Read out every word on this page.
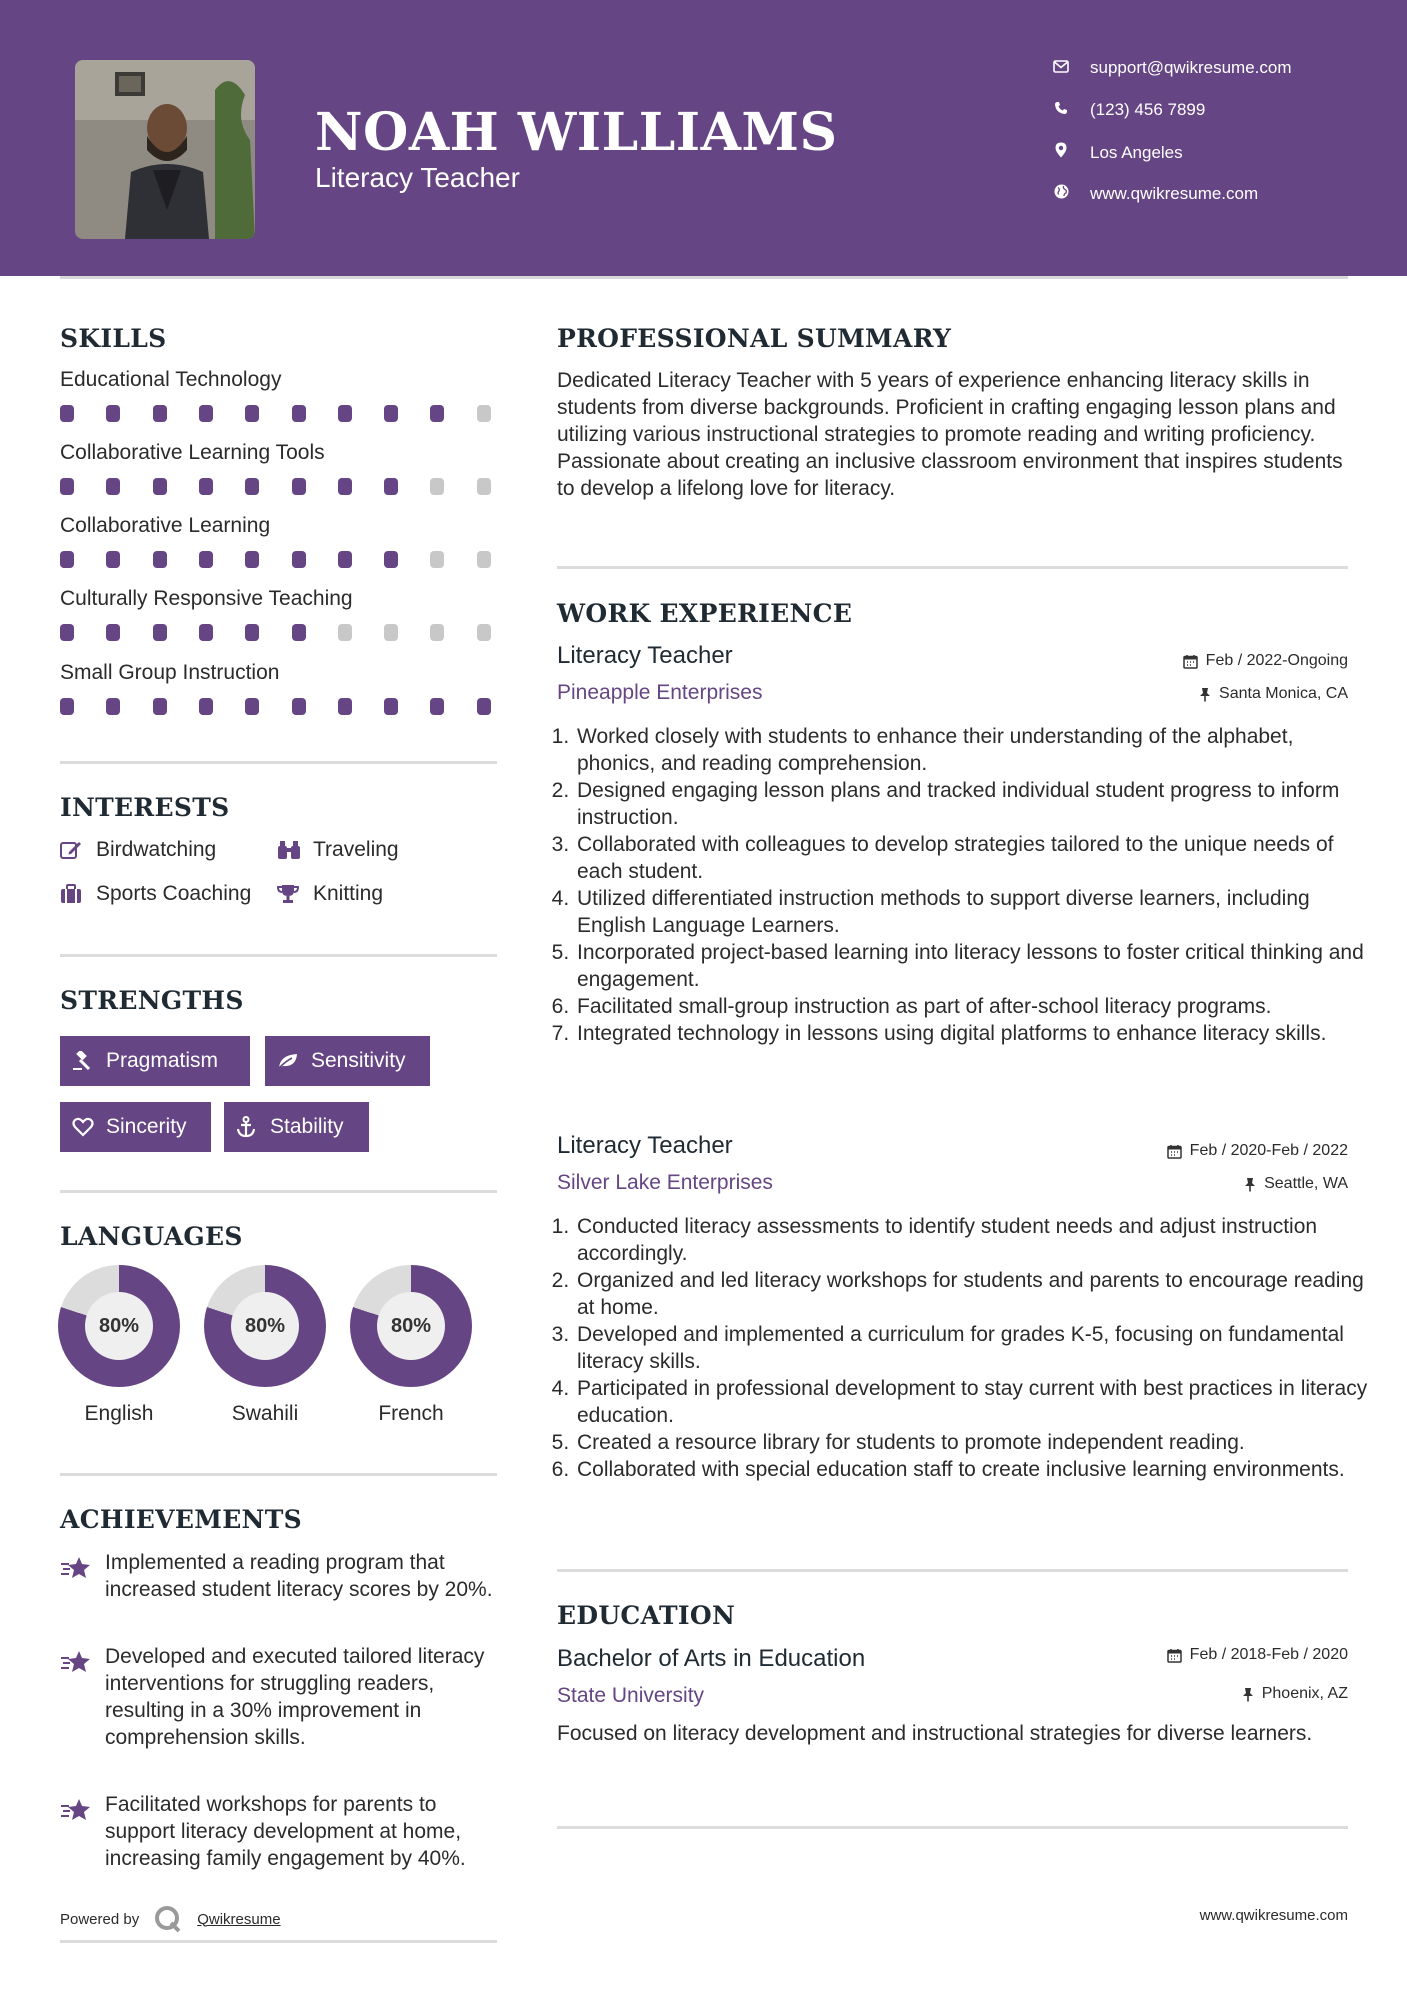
NOAH WILLIAMS
Literacy Teacher
support@qwikresume.com
(123) 456 7899
Los Angeles
www.qwikresume.com
SKILLS
Educational Technology
Collaborative Learning Tools
Collaborative Learning
Culturally Responsive Teaching
Small Group Instruction
INTERESTS
Birdwatching	Traveling
Sports Coaching	Knitting
STRENGTHS
Pragmatism	Sensitivity
Sincerity	Stability
LANGUAGES
80%
English
80%
Swahili
80%
French
ACHIEVEMENTS
Implemented a reading program that increased student literacy scores by 20%.
Developed and executed tailored literacy interventions for struggling readers, resulting in a 30% improvement in comprehension skills.
Facilitated workshops for parents to support literacy development at home, increasing family engagement by 40%.
PROFESSIONAL SUMMARY
Dedicated Literacy Teacher with 5 years of experience enhancing literacy skills in students from diverse backgrounds. Proficient in crafting engaging lesson plans and utilizing various instructional strategies to promote reading and writing proficiency. Passionate about creating an inclusive classroom environment that inspires students to develop a lifelong love for literacy.
WORK EXPERIENCE
Literacy Teacher	Feb / 2022-Ongoing
Pineapple Enterprises	Santa Monica, CA
1. Worked closely with students to enhance their understanding of the alphabet, phonics, and reading comprehension.
2. Designed engaging lesson plans and tracked individual student progress to inform instruction.
3. Collaborated with colleagues to develop strategies tailored to the unique needs of each student.
4. Utilized differentiated instruction methods to support diverse learners, including English Language Learners.
5. Incorporated project-based learning into literacy lessons to foster critical thinking and engagement.
6. Facilitated small-group instruction as part of after-school literacy programs.
7. Integrated technology in lessons using digital platforms to enhance literacy skills.
Literacy Teacher	Feb / 2020-Feb / 2022
Silver Lake Enterprises	Seattle, WA
1. Conducted literacy assessments to identify student needs and adjust instruction accordingly.
2. Organized and led literacy workshops for students and parents to encourage reading at home.
3. Developed and implemented a curriculum for grades K-5, focusing on fundamental literacy skills.
4. Participated in professional development to stay current with best practices in literacy education.
5. Created a resource library for students to promote independent reading.
6. Collaborated with special education staff to create inclusive learning environments.
EDUCATION
Bachelor of Arts in Education	Feb / 2018-Feb / 2020
State University	Phoenix, AZ
Focused on literacy development and instructional strategies for diverse learners.
Powered by	Qwikresume	www.qwikresume.com
